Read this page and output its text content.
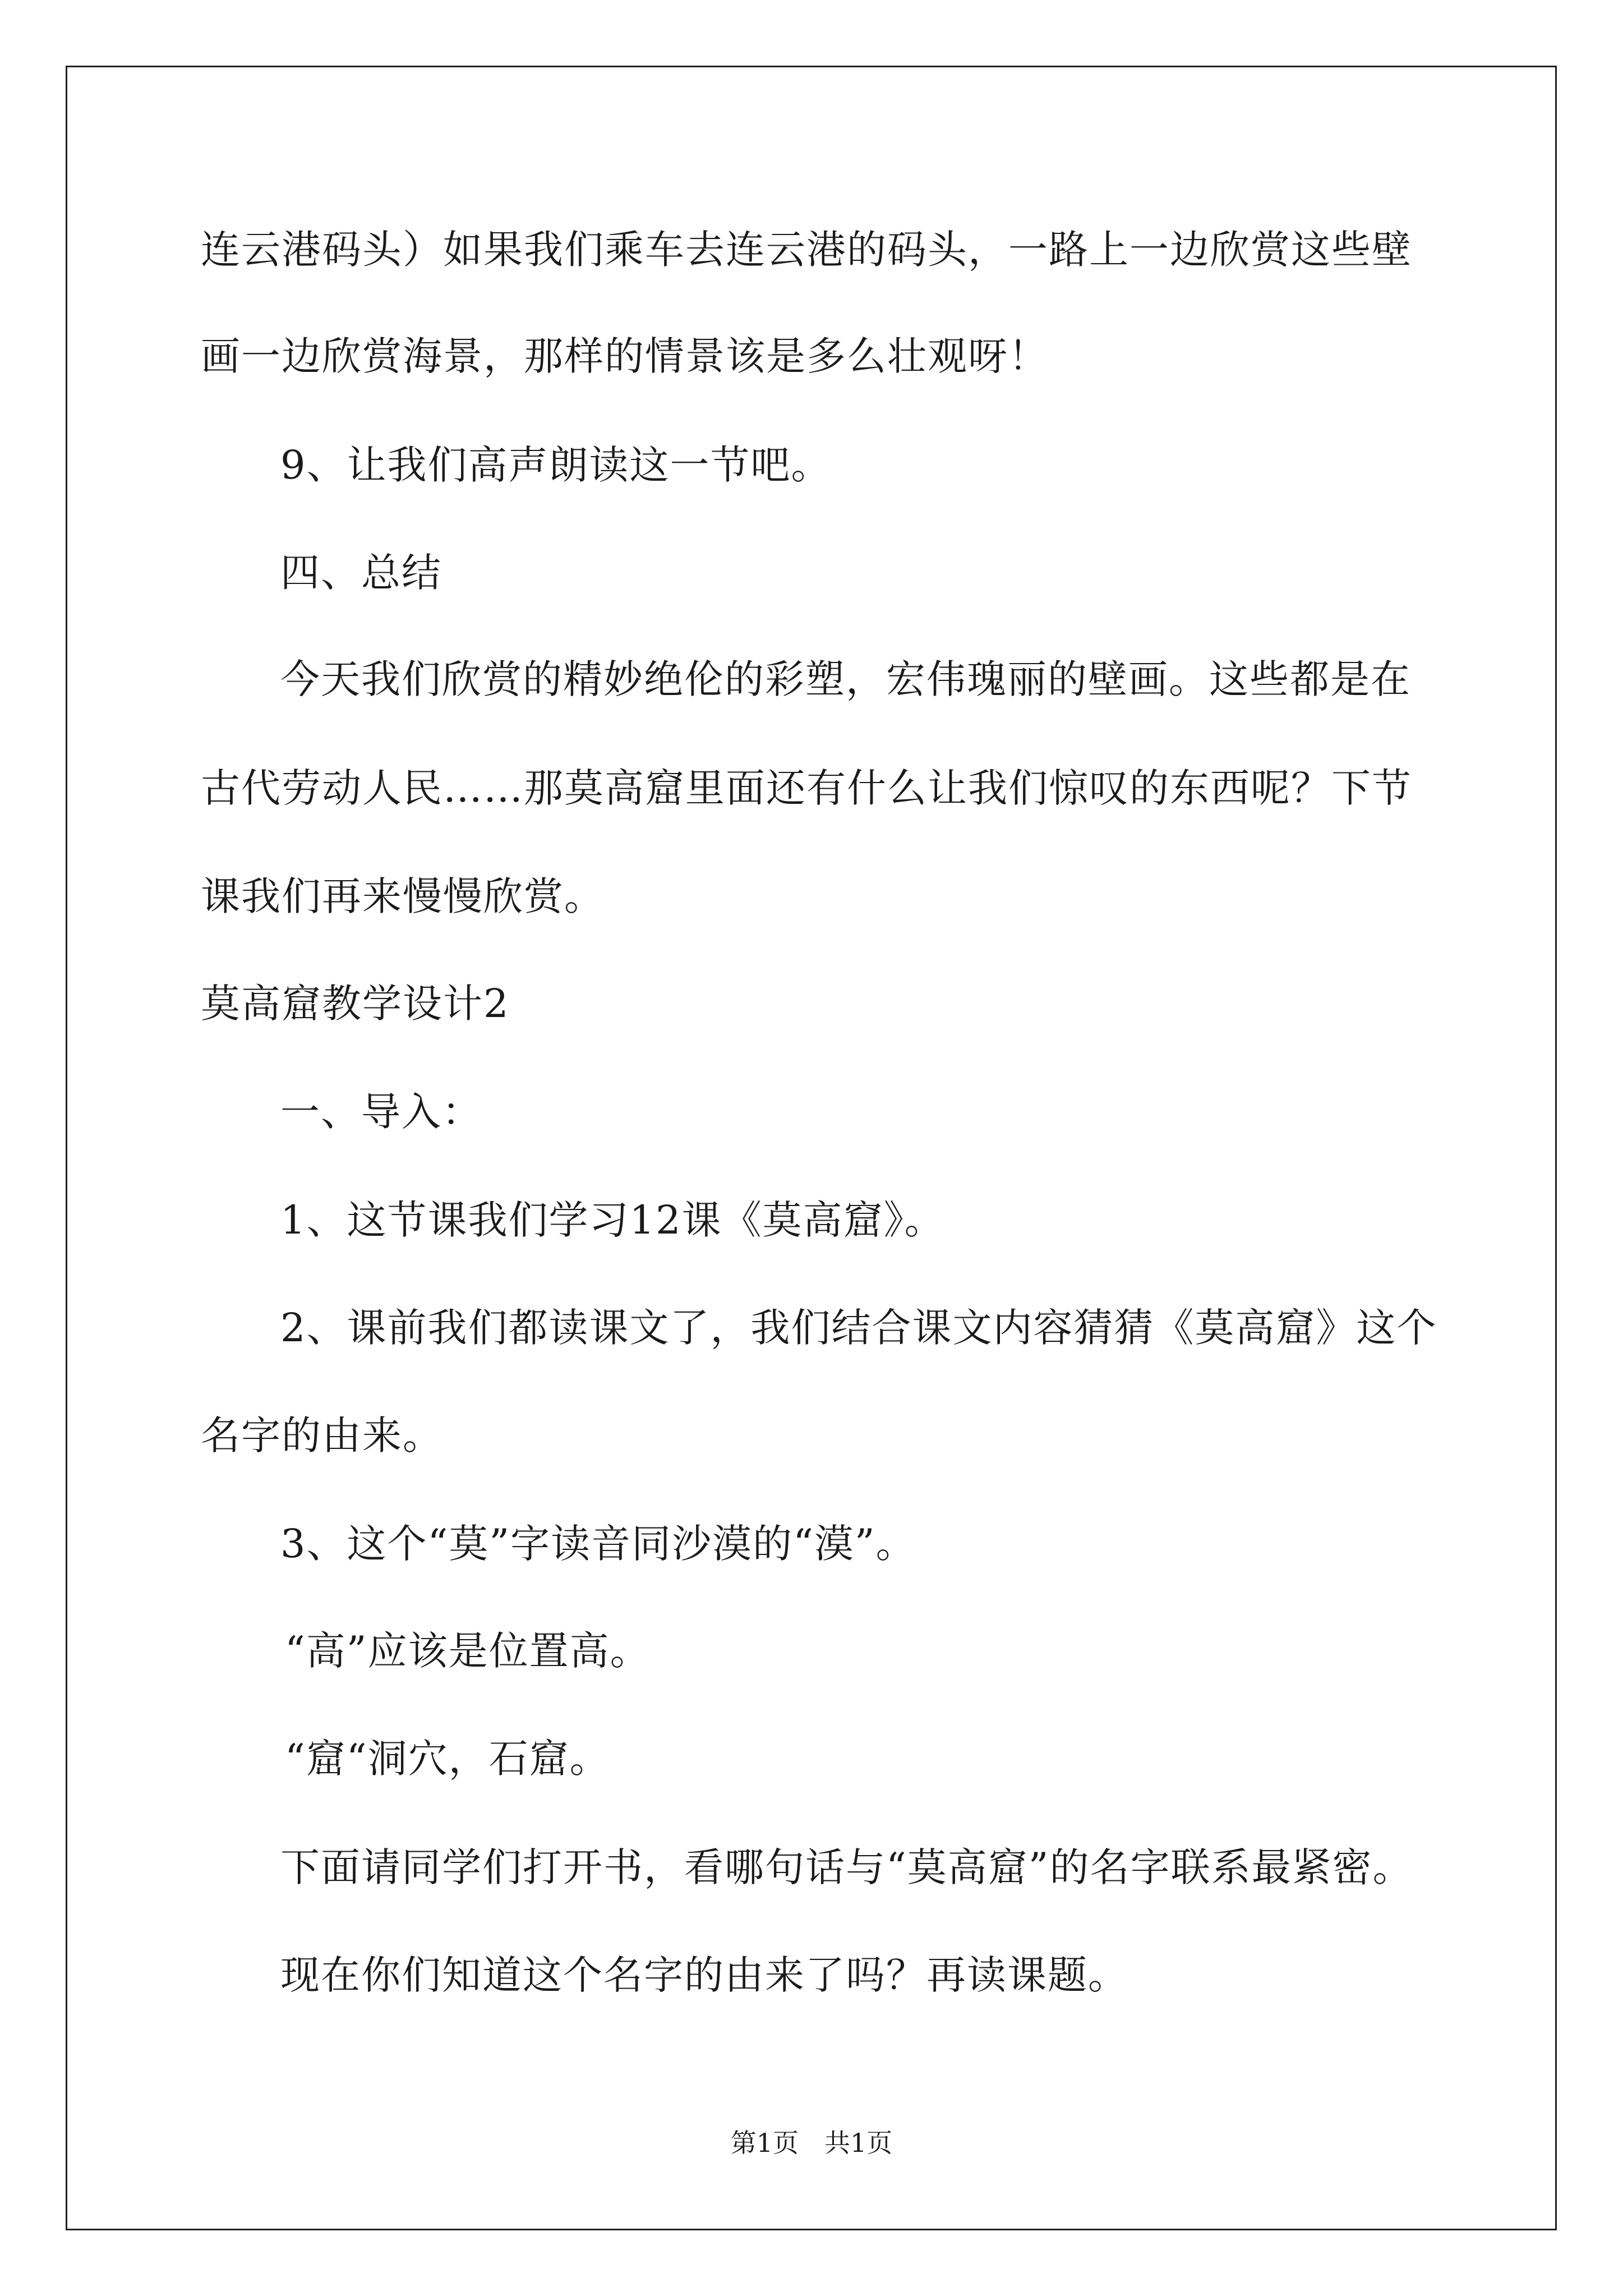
连云港码头）如果我们乘车去连云港的码头，一路上一边欣赏这些壁
画一边欣赏海景，那样的情景该是多么壮观呀！
9、让我们高声朗读这一节吧。
四、总结
今天我们欣赏的精妙绝伦的彩塑，宏伟瑰丽的壁画。这些都是在
古代劳动人民……那莫高窟里面还有什么让我们惊叹的东西呢？下节
课我们再来慢慢欣赏。
莫高窟教学设计2
一、导入：
1、这节课我们学习12课《莫高窟》。
2、课前我们都读课文了，我们结合课文内容猜猜《莫高窟》这个
名字的由来。
3、这个“莫”字读音同沙漠的“漠”。
“高”应该是位置高。
“窟“洞穴，石窟。
下面请同学们打开书，看哪句话与“莫高窟”的名字联系最紧密。
现在你们知道这个名字的由来了吗？再读课题。
第1页 共1页
